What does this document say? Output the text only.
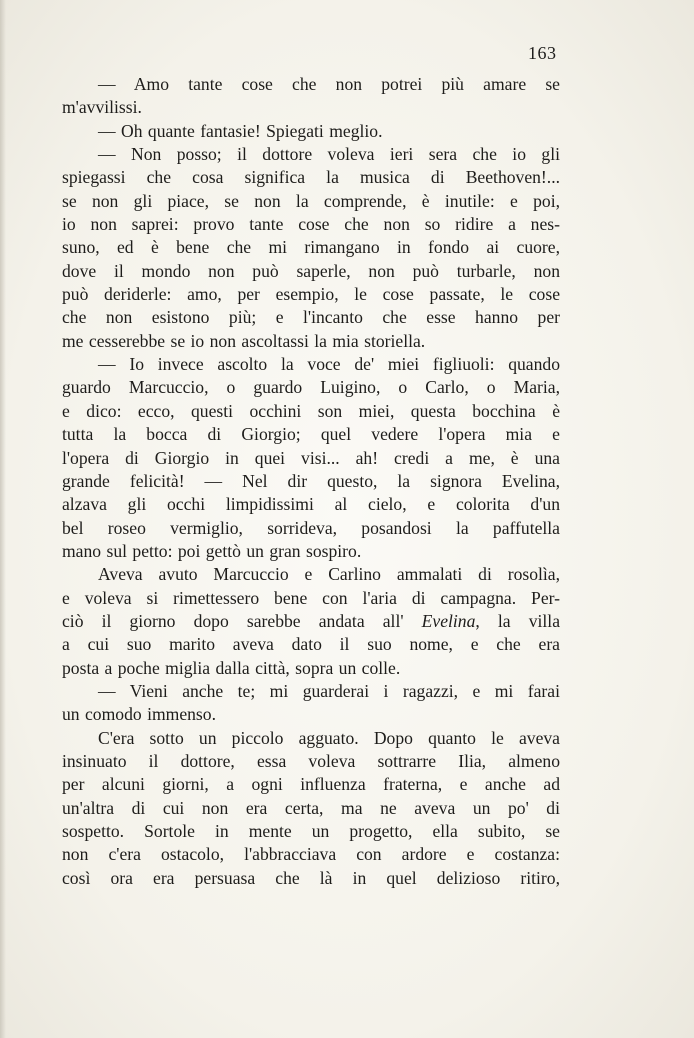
163
— Amo tante cose che non potrei più amare se
m'avvilissi.
— Oh quante fantasie! Spiegati meglio.
— Non posso; il dottore voleva ieri sera che io gli
spiegassi che cosa significa la musica di Beethoven!...
se non gli piace, se non la comprende, è inutile: e poi,
io non saprei: provo tante cose che non so ridire a nes-
suno, ed è bene che mi rimangano in fondo ai cuore,
dove il mondo non può saperle, non può turbarle, non
può deriderle: amo, per esempio, le cose passate, le cose
che non esistono più; e l'incanto che esse hanno per
me cesserebbe se io non ascoltassi la mia storiella.
— Io invece ascolto la voce de' miei figliuoli: quando
guardo Marcuccio, o guardo Luigino, o Carlo, o Maria,
e dico: ecco, questi occhini son miei, questa bocchina è
tutta la bocca di Giorgio; quel vedere l'opera mia e
l'opera di Giorgio in quei visi... ah! credi a me, è una
grande felicità! — Nel dir questo, la signora Evelina,
alzava gli occhi limpidissimi al cielo, e colorita d'un
bel roseo vermiglio, sorrideva, posandosi la paffutella
mano sul petto: poi gettò un gran sospiro.
Aveva avuto Marcuccio e Carlino ammalati di rosolìa,
e voleva si rimettessero bene con l'aria di campagna. Per-
ciò il giorno dopo sarebbe andata all' Evelina, la villa
a cui suo marito aveva dato il suo nome, e che era
posta a poche miglia dalla città, sopra un colle.
— Vieni anche te; mi guarderai i ragazzi, e mi farai
un comodo immenso.
C'era sotto un piccolo agguato. Dopo quanto le aveva
insinuato il dottore, essa voleva sottrarre Ilia, almeno
per alcuni giorni, a ogni influenza fraterna, e anche ad
un'altra di cui non era certa, ma ne aveva un po' di
sospetto. Sortole in mente un progetto, ella subito, se
non c'era ostacolo, l'abbracciava con ardore e costanza:
così ora era persuasa che là in quel delizioso ritiro,
